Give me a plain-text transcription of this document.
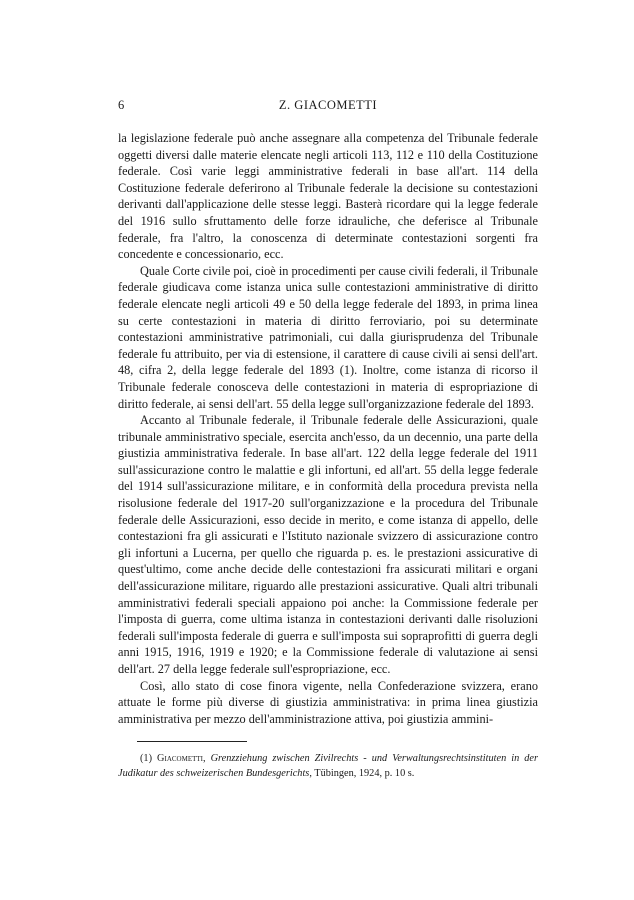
6	Z. GIACOMETTI

la legislazione federale può anche assegnare alla competenza del Tribunale federale oggetti diversi dalle materie elencate negli articoli 113, 112 e 110 della Costituzione federale. Così varie leggi amministrative federali in base all'art. 114 della Costituzione federale deferirono al Tribunale federale la decisione su contestazioni derivanti dall'applicazione delle stesse leggi. Basterà ricordare qui la legge federale del 1916 sullo sfruttamento delle forze idrauliche, che deferisce al Tribunale federale, fra l'altro, la conoscenza di determinate contestazioni sorgenti fra concedente e concessionario, ecc.

Quale Corte civile poi, cioè in procedimenti per cause civili federali, il Tribunale federale giudicava come istanza unica sulle contestazioni amministrative di diritto federale elencate negli articoli 49 e 50 della legge federale del 1893, in prima linea su certe contestazioni in materia di diritto ferroviario, poi su determinate contestazioni amministrative patrimoniali, cui dalla giurisprudenza del Tribunale federale fu attribuito, per via di estensione, il carattere di cause civili ai sensi dell'art. 48, cifra 2, della legge federale del 1893 (1). Inoltre, come istanza di ricorso il Tribunale federale conosceva delle contestazioni in materia di espropriazione di diritto federale, ai sensi dell'art. 55 della legge sull'organizzazione federale del 1893.

Accanto al Tribunale federale, il Tribunale federale delle Assicurazioni, quale tribunale amministrativo speciale, esercita anch'esso, da un decennio, una parte della giustizia amministrativa federale. In base all'art. 122 della legge federale del 1911 sull'assicurazione contro le malattie e gli infortuni, ed all'art. 55 della legge federale del 1914 sull'assicurazione militare, e in conformità della procedura prevista nella risolusione federale del 1917-20 sull'organizzazione e la procedura del Tribunale federale delle Assicurazioni, esso decide in merito, e come istanza di appello, delle contestazioni fra gli assicurati e l'Istituto nazionale svizzero di assicurazione contro gli infortuni a Lucerna, per quello che riguarda p. es. le prestazioni assicurative di quest'ultimo, come anche decide delle contestazioni fra assicurati militari e organi dell'assicurazione militare, riguardo alle prestazioni assicurative. Quali altri tribunali amministrativi federali speciali appaiono poi anche: la Commissione federale per l'imposta di guerra, come ultima istanza in contestazioni derivanti dalle risoluzioni federali sull'imposta federale di guerra e sull'imposta sui sopraprofitti di guerra degli anni 1915, 1916, 1919 e 1920; e la Commissione federale di valutazione ai sensi dell'art. 27 della legge federale sull'espropriazione, ecc.

Così, allo stato di cose finora vigente, nella Confederazione svizzera, erano attuate le forme più diverse di giustizia amministrativa: in prima linea giustizia amministrativa per mezzo dell'amministrazione attiva, poi giustizia ammini-

(1) Giacometti, Grenzziehung zwischen Zivilrechts - und Verwaltungsrechtsinstituten in der Judikatur des schweizerischen Bundesgerichts, Tübingen, 1924, p. 10 s.
